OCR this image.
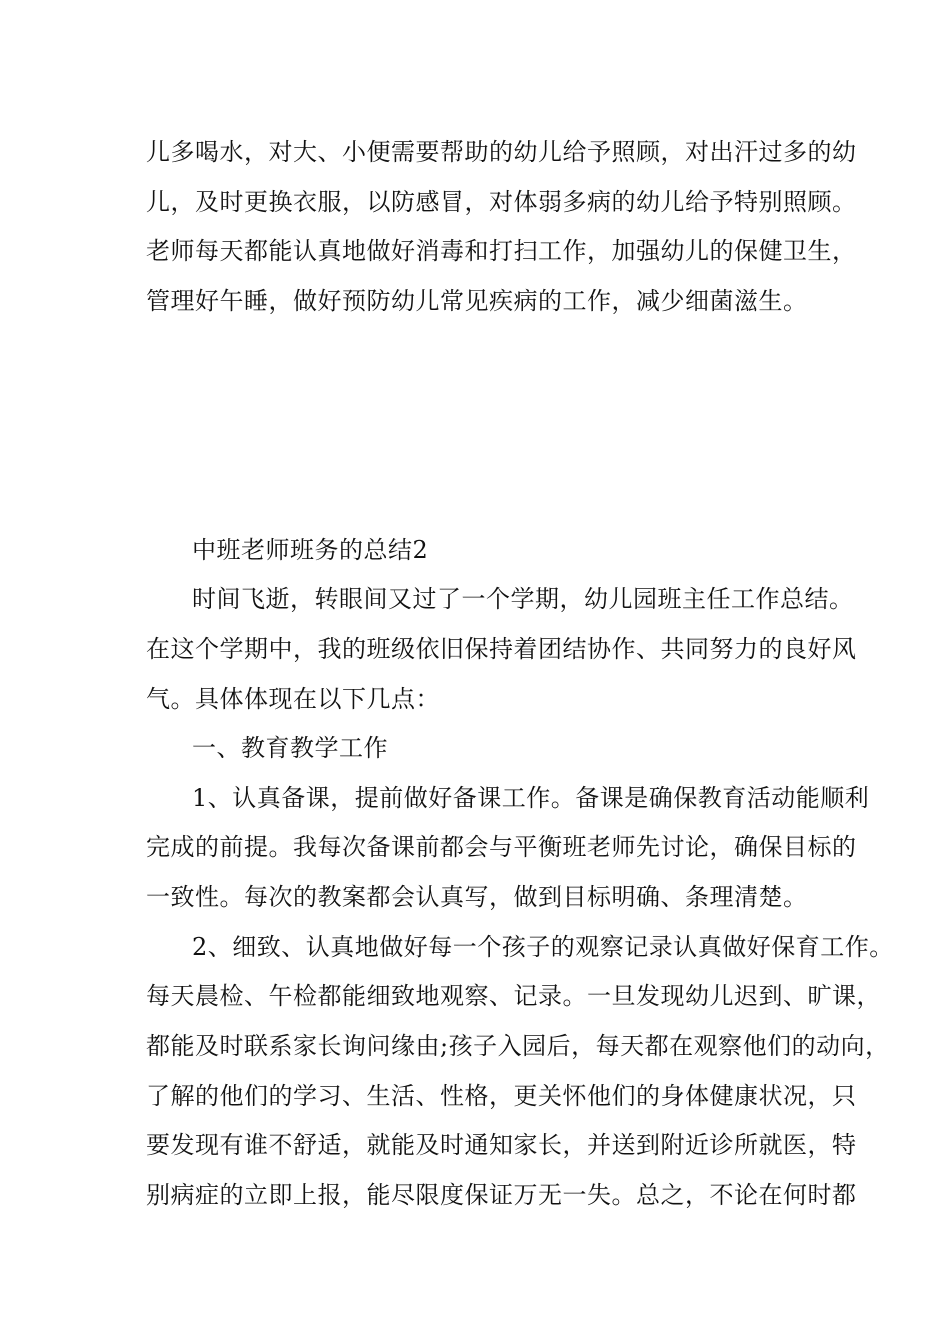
儿多喝水，对大、小便需要帮助的幼儿给予照顾，对出汗过多的幼
儿，及时更换衣服，以防感冒，对体弱多病的幼儿给予特别照顾。
老师每天都能认真地做好消毒和打扫工作，加强幼儿的保健卫生，
管理好午睡，做好预防幼儿常见疾病的工作，减少细菌滋生。
中班老师班务的总结2
时间飞逝，转眼间又过了一个学期，幼儿园班主任工作总结。
在这个学期中，我的班级依旧保持着团结协作、共同努力的良好风
气。具体体现在以下几点：
一、教育教学工作
1、认真备课，提前做好备课工作。备课是确保教育活动能顺利
完成的前提。我每次备课前都会与平衡班老师先讨论，确保目标的
一致性。每次的教案都会认真写，做到目标明确、条理清楚。
2、细致、认真地做好每一个孩子的观察记录认真做好保育工作。
每天晨检、午检都能细致地观察、记录。一旦发现幼儿迟到、旷课，
都能及时联系家长询问缘由;孩子入园后，每天都在观察他们的动向，
了解的他们的学习、生活、性格，更关怀他们的身体健康状况，只
要发现有谁不舒适，就能及时通知家长，并送到附近诊所就医，特
别病症的立即上报，能尽限度保证万无一失。总之，不论在何时都
